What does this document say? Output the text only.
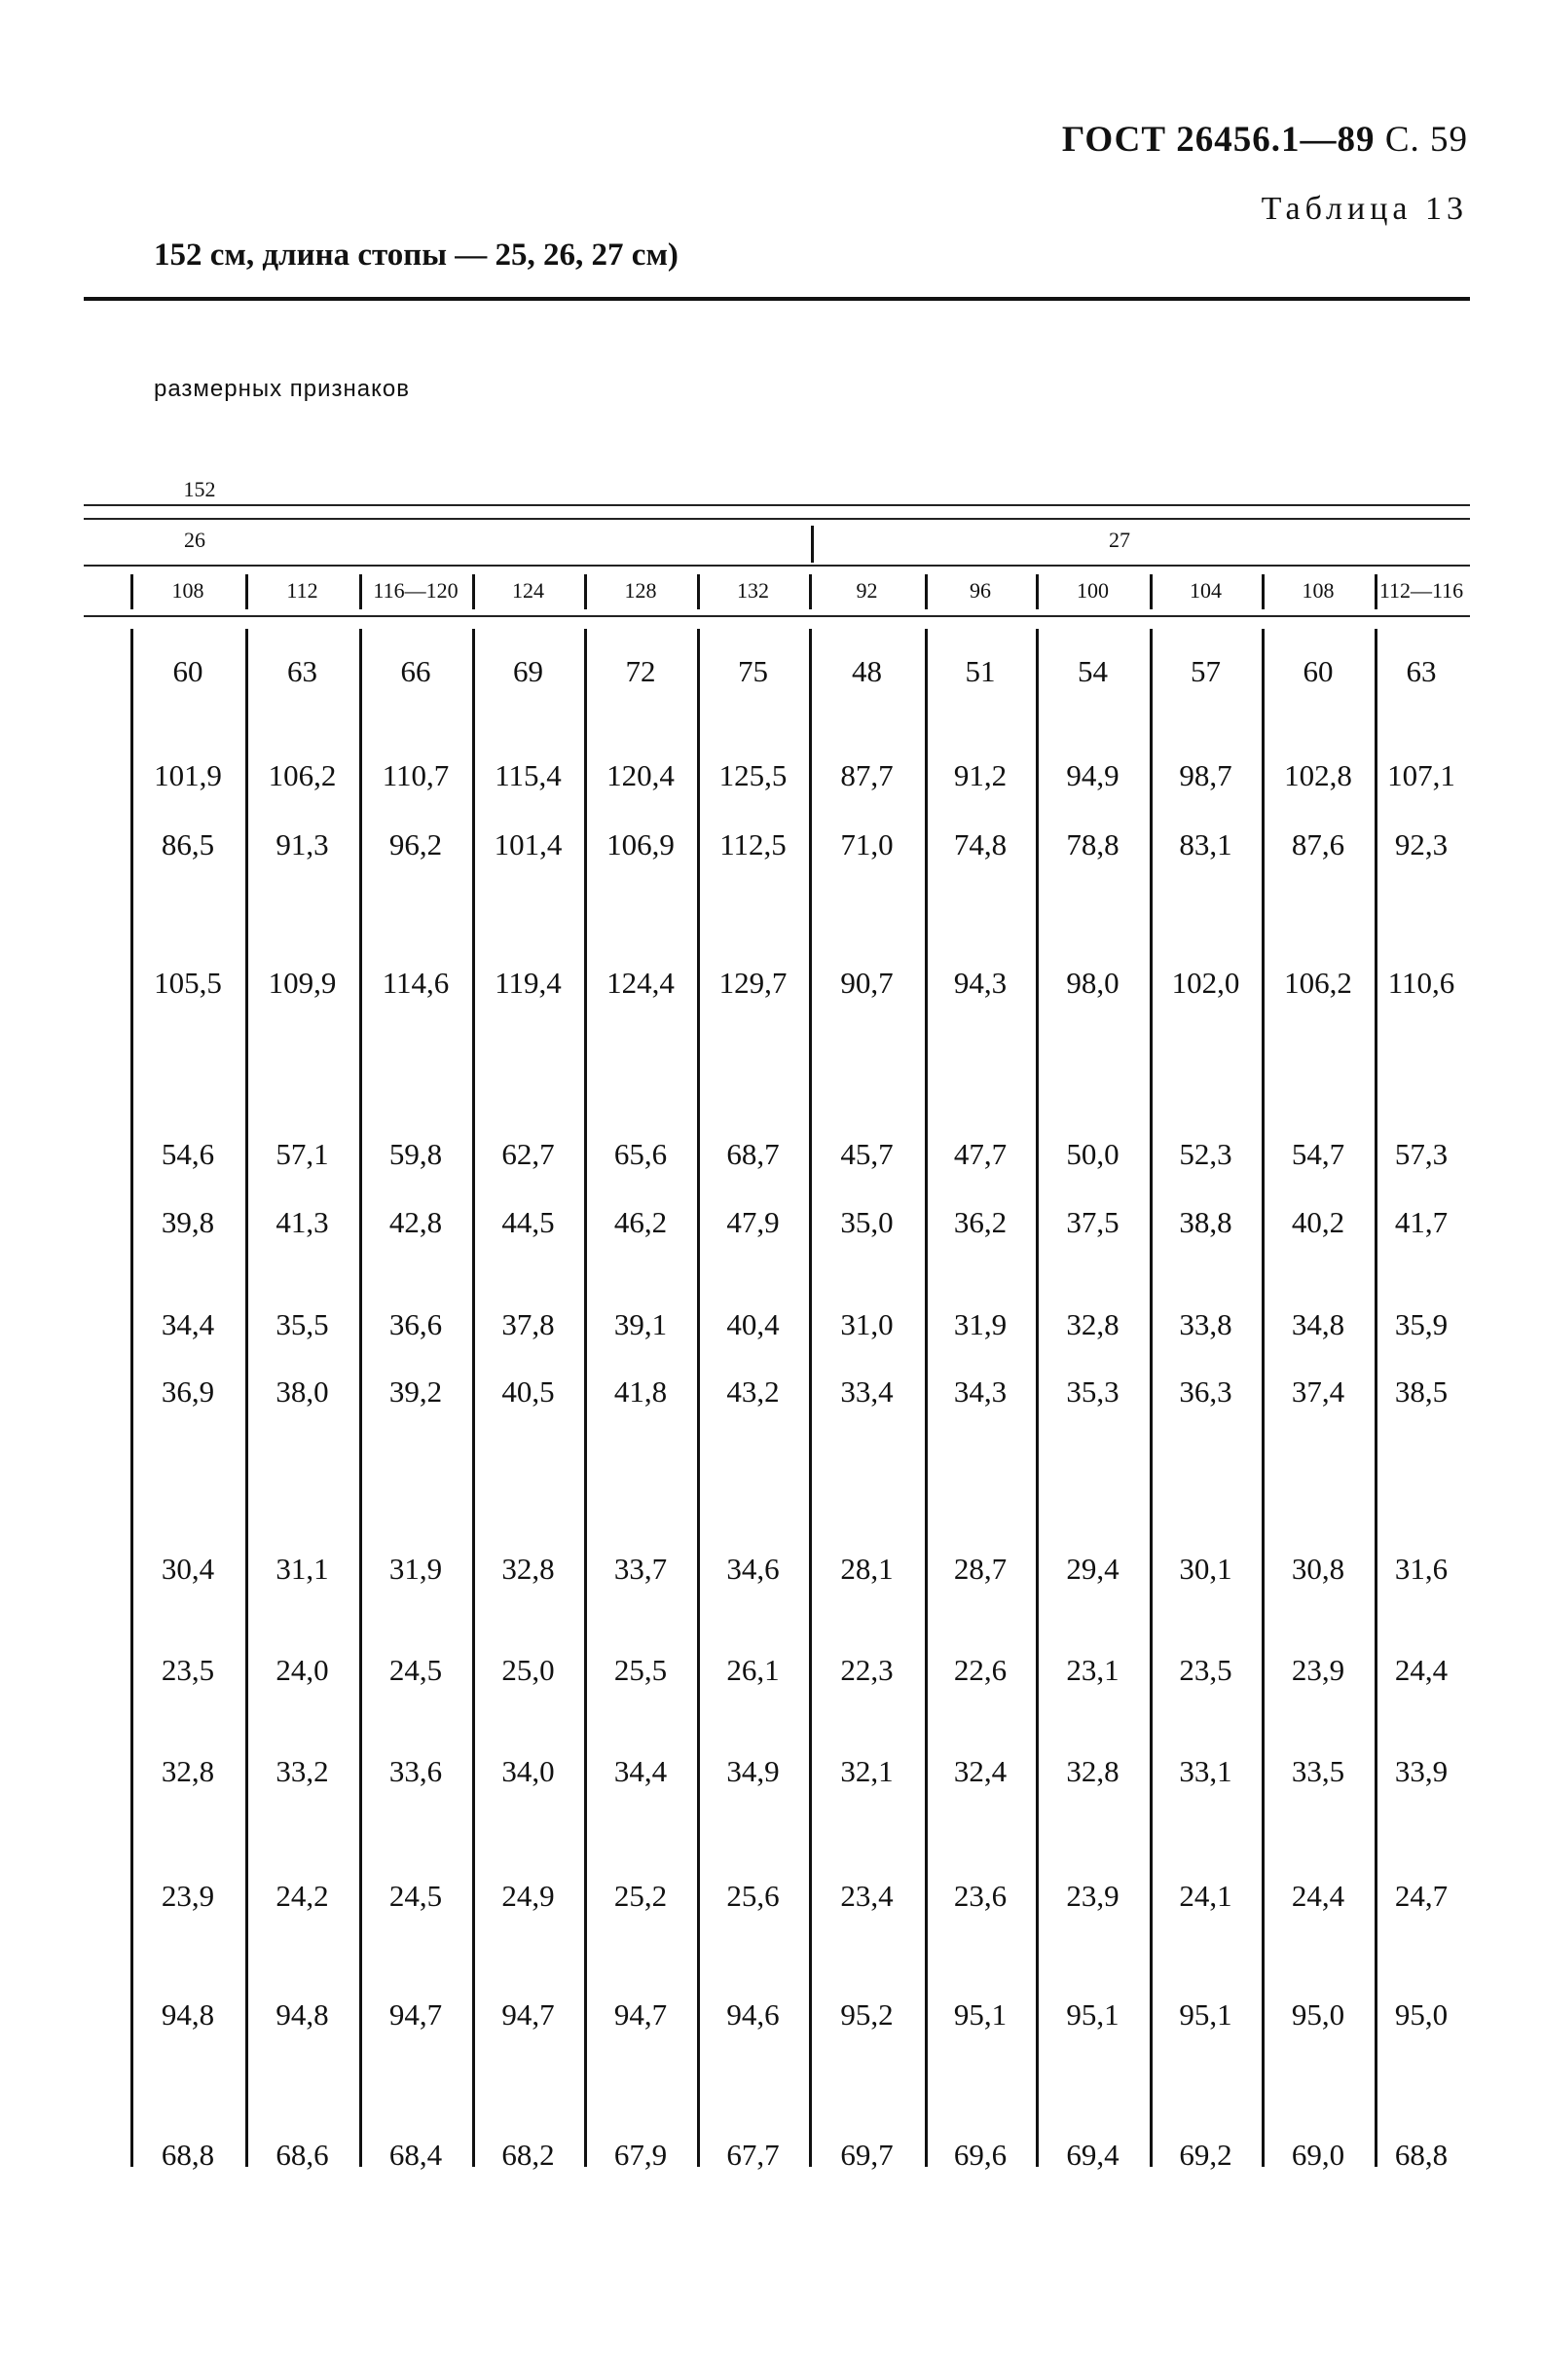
ГОСТ 26456.1—89 С. 59
Таблица 13
152 см, длина стопы — 25, 26, 27 см)
размерных признаков
152
26	27
108	112	116—120	124	128	132	92	96	100	104	108	112—116
60	63	66	69	72	75	48	51	54	57	60	63
101,9	106,2	110,7	115,4	120,4	125,5	87,7	91,2	94,9	98,7	102,8	107,1
86,5	91,3	96,2	101,4	106,9	112,5	71,0	74,8	78,8	83,1	87,6	92,3
105,5	109,9	114,6	119,4	124,4	129,7	90,7	94,3	98,0	102,0	106,2	110,6
54,6	57,1	59,8	62,7	65,6	68,7	45,7	47,7	50,0	52,3	54,7	57,3
39,8	41,3	42,8	44,5	46,2	47,9	35,0	36,2	37,5	38,8	40,2	41,7
34,4	35,5	36,6	37,8	39,1	40,4	31,0	31,9	32,8	33,8	34,8	35,9
36,9	38,0	39,2	40,5	41,8	43,2	33,4	34,3	35,3	36,3	37,4	38,5
30,4	31,1	31,9	32,8	33,7	34,6	28,1	28,7	29,4	30,1	30,8	31,6
23,5	24,0	24,5	25,0	25,5	26,1	22,3	22,6	23,1	23,5	23,9	24,4
32,8	33,2	33,6	34,0	34,4	34,9	32,1	32,4	32,8	33,1	33,5	33,9
23,9	24,2	24,5	24,9	25,2	25,6	23,4	23,6	23,9	24,1	24,4	24,7
94,8	94,8	94,7	94,7	94,7	94,6	95,2	95,1	95,1	95,1	95,0	95,0
68,8	68,6	68,4	68,2	67,9	67,7	69,7	69,6	69,4	69,2	69,0	68,8
